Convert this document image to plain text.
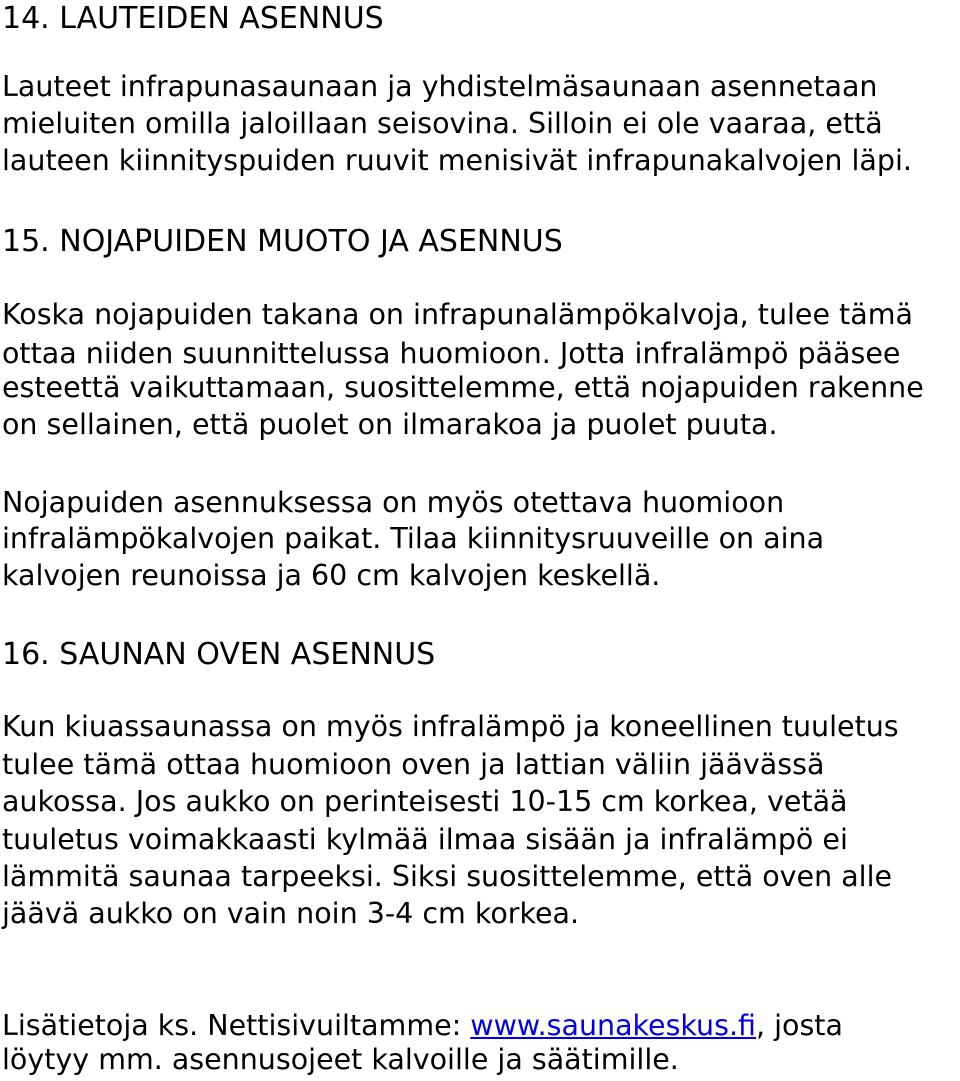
14. LAUTEIDEN ASENNUS
Lauteet infrapunasaunaan ja yhdistelmäsaunaan asennetaan
mieluiten omilla jaloillaan seisovina. Silloin ei ole vaaraa, että
lauteen kiinnityspuiden ruuvit menisivät infrapunakalvojen läpi.
15. NOJAPUIDEN MUOTO JA ASENNUS
Koska nojapuiden takana on infrapunalämpökalvoja, tulee tämä
ottaa niiden suunnittelussa huomioon. Jotta infralämpö pääsee
esteettä vaikuttamaan, suosittelemme, että nojapuiden rakenne
on sellainen, että puolet on ilmarakoa ja puolet puuta.
Nojapuiden asennuksessa on myös otettava huomioon
infralämpökalvojen paikat. Tilaa kiinnitysruuveille on aina
kalvojen reunoissa ja 60 cm kalvojen keskellä.
16. SAUNAN OVEN ASENNUS
Kun kiuassaunassa on myös infralämpö ja koneellinen tuuletus
tulee tämä ottaa huomioon oven ja lattian väliin jäävässä
aukossa. Jos aukko on perinteisesti 10-15 cm korkea, vetää
tuuletus voimakkaasti kylmää ilmaa sisään ja infralämpö ei
lämmitä saunaa tarpeeksi. Siksi suosittelemme, että oven alle
jäävä aukko on vain noin 3-4 cm korkea.
Lisätietoja ks. Nettisivuiltamme: www.saunakeskus.fi, josta
löytyy mm. asennusojeet kalvoille ja säätimille.
